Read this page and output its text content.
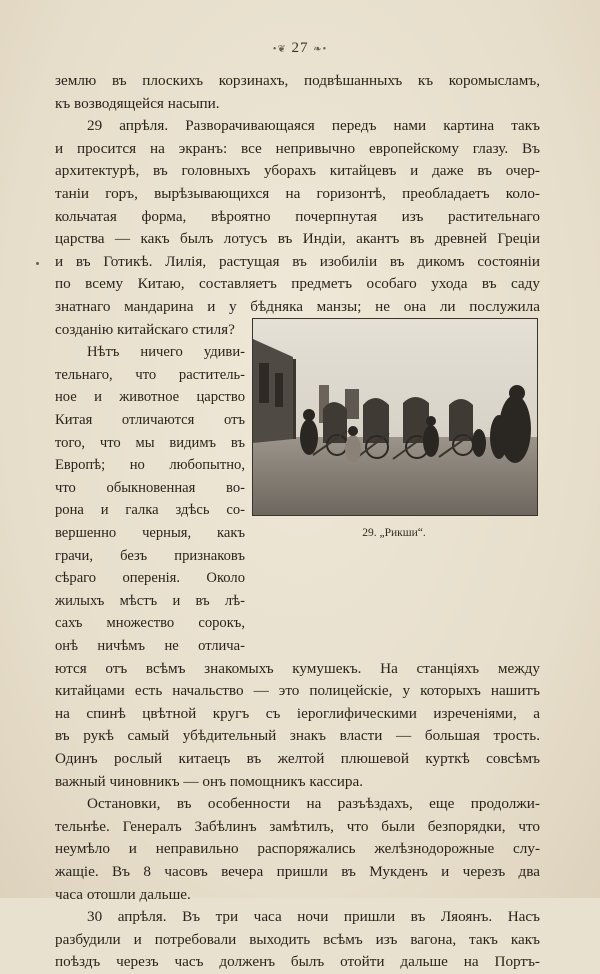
•❦ 27 ❧•
29. „Рикши“.
землю въ плоскихъ корзинахъ, подвѣшанныхъ къ коромысламъ,
къ возводящейся насыпи.
29 апрѣля. Разворачивающаяся передъ нами картина такъ
и просится на экранъ: все непривычно европейскому глазу. Въ
архитектурѣ, въ головныхъ уборахъ китайцевъ и даже въ очер-
таніи горъ, вырѣзывающихся на горизонтѣ, преобладаетъ коло-
кольчатая форма, вѣроятно почерпнутая изъ растительнаго
царства — какъ былъ лотусъ въ Индіи, акантъ въ древней Греціи
и въ Готикѣ. Лилія, растущая въ изобиліи въ дикомъ состояніи
по всему Китаю, составляетъ предметъ особаго ухода въ саду
знатнаго мандарина и у бѣдняка манзы; не она ли послужила
созданію китайскаго стиля?
Нѣтъ ничего удиви-
тельнаго, что раститель-
ное и животное царство
Китая отличаются отъ
того, что мы видимъ въ
Европѣ; но любопытно,
что обыкновенная во-
рона и галка здѣсь со-
вершенно черныя, какъ
грачи, безъ признаковъ
сѣраго оперенія. Около
жилыхъ мѣстъ и въ лѣ-
сахъ множество сорокъ,
онѣ ничѣмъ не отлича-
ются отъ всѣмъ знакомыхъ кумушекъ. На станціяхъ между
китайцами есть начальство — это полицейскіе, у которыхъ нашитъ
на спинѣ цвѣтной кругъ съ іероглифическими изреченіями, а
въ рукѣ самый убѣдительный знакъ власти — большая трость.
Одинъ рослый китаецъ въ желтой плюшевой курткѣ совсѣмъ
важный чиновникъ — онъ помощникъ кассира.
Остановки, въ особенности на разъѣздахъ, еще продолжи-
тельнѣе. Генералъ Забѣлинъ замѣтилъ, что были безпорядки, что
неумѣло и неправильно распоряжались желѣзнодорожные слу-
жащіе. Въ 8 часовъ вечера пришли въ Мукденъ и черезъ два
часа отошли дальше.
30 апрѣля. Въ три часа ночи пришли въ Ляоянъ. Насъ
разбудили и потребовали выходить всѣмъ изъ вагона, такъ какъ
поѣздъ черезъ часъ долженъ былъ отойти дальше на Портъ-
